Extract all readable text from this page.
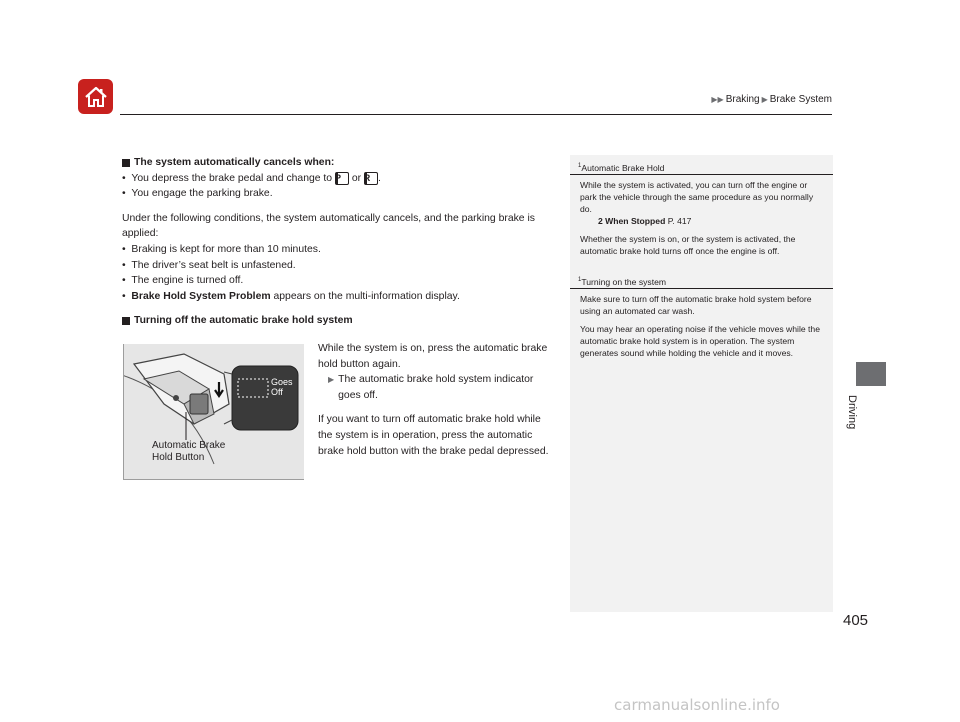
▶▶ Braking ▶ Brake System
Driving
The system automatically cancels when:
•  You depress the brake pedal and change to P or R .
•  You engage the parking brake.
Under the following conditions, the system automatically cancels, and the parking brake is applied:
•  Braking is kept for more than 10 minutes.
•  The driver’s seat belt is unfastened.
•  The engine is turned off.
•  Brake Hold System Problem appears on the multi-information display.
Turning off the automatic brake hold system
Goes
Off
Automatic Brake
Hold Button
While the system is on, press the automatic brake hold button again.
▶ The automatic brake hold system indicator goes off.
If you want to turn off automatic brake hold while the system is in operation, press the automatic brake hold button with the brake pedal depressed.
$^1$Automatic Brake Hold
While the system is activated, you can turn off the engine or park the vehicle through the same procedure as you normally do.
2 When Stopped P. 417
Whether the system is on, or the system is activated, the automatic brake hold turns off once the engine is off.
$^1$Turning on the system
Make sure to turn off the automatic brake hold system before using an automated car wash.
You may hear an operating noise if the vehicle moves while the automatic brake hold system is in operation. The system generates sound while holding the vehicle and it moves.
405
carmanualsonline.info
